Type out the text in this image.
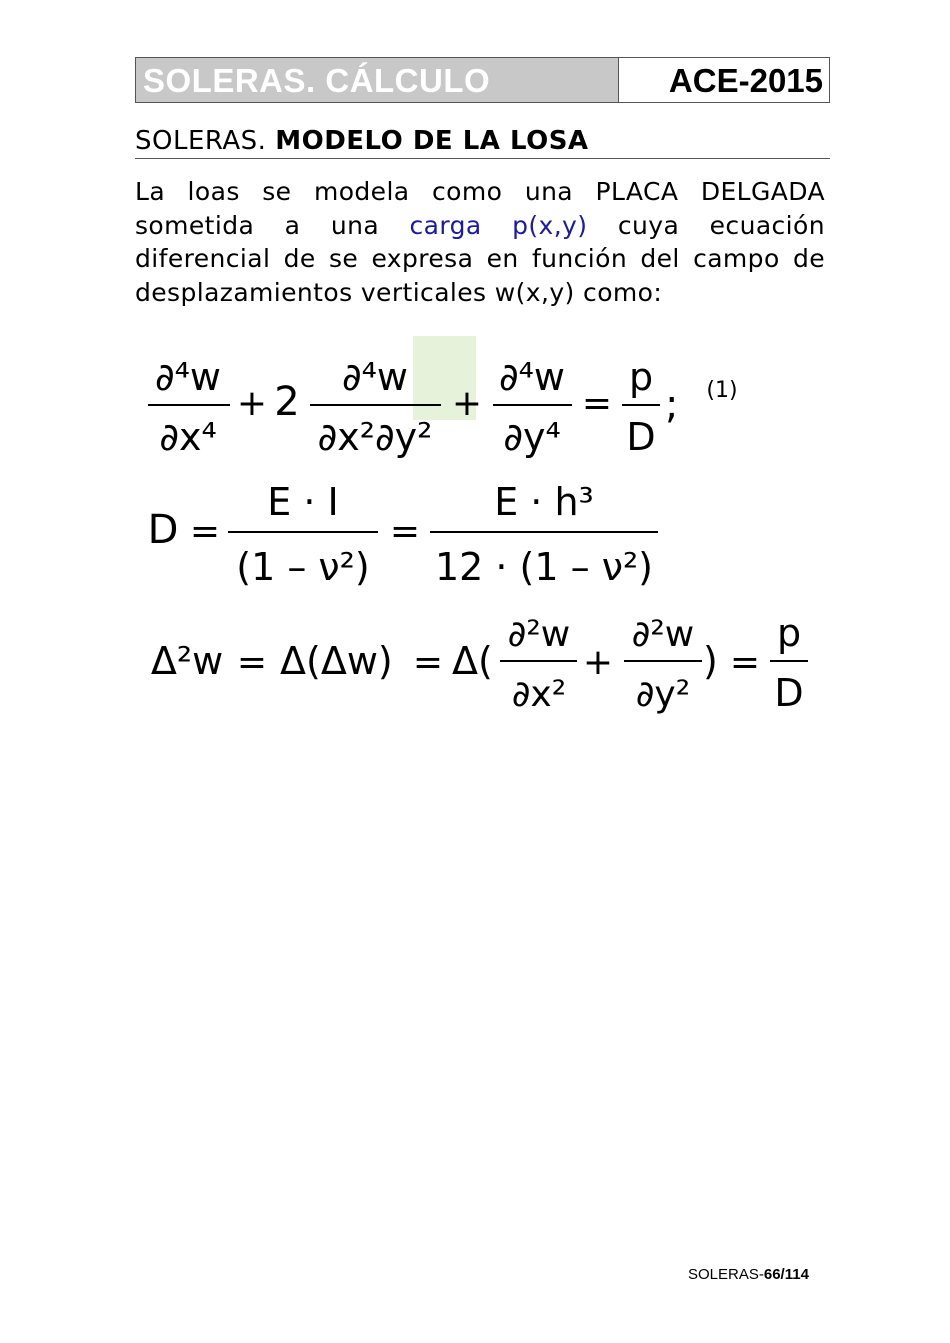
SOLERAS. CÁLCULO	ACE-2015
SOLERAS. MODELO DE LA LOSA
La loas se modela como una PLACA DELGADA
sometida a una carga p(x,y) cuya ecuación
diferencial de se expresa en función del campo de
desplazamientos verticales w(x,y) como:
∂⁴w
∂x⁴
+ 2
∂⁴w
∂x²∂y²
+
∂⁴w
∂y⁴
=
p
D
; (1)
D =
E · I
(1 – ν²)
=
E · h³
12 · (1 – ν²)
Δ²w = Δ(Δw) = Δ(
∂²w
∂x²
+
∂²w
∂y²
) =
p
D
SOLERAS-66/114
